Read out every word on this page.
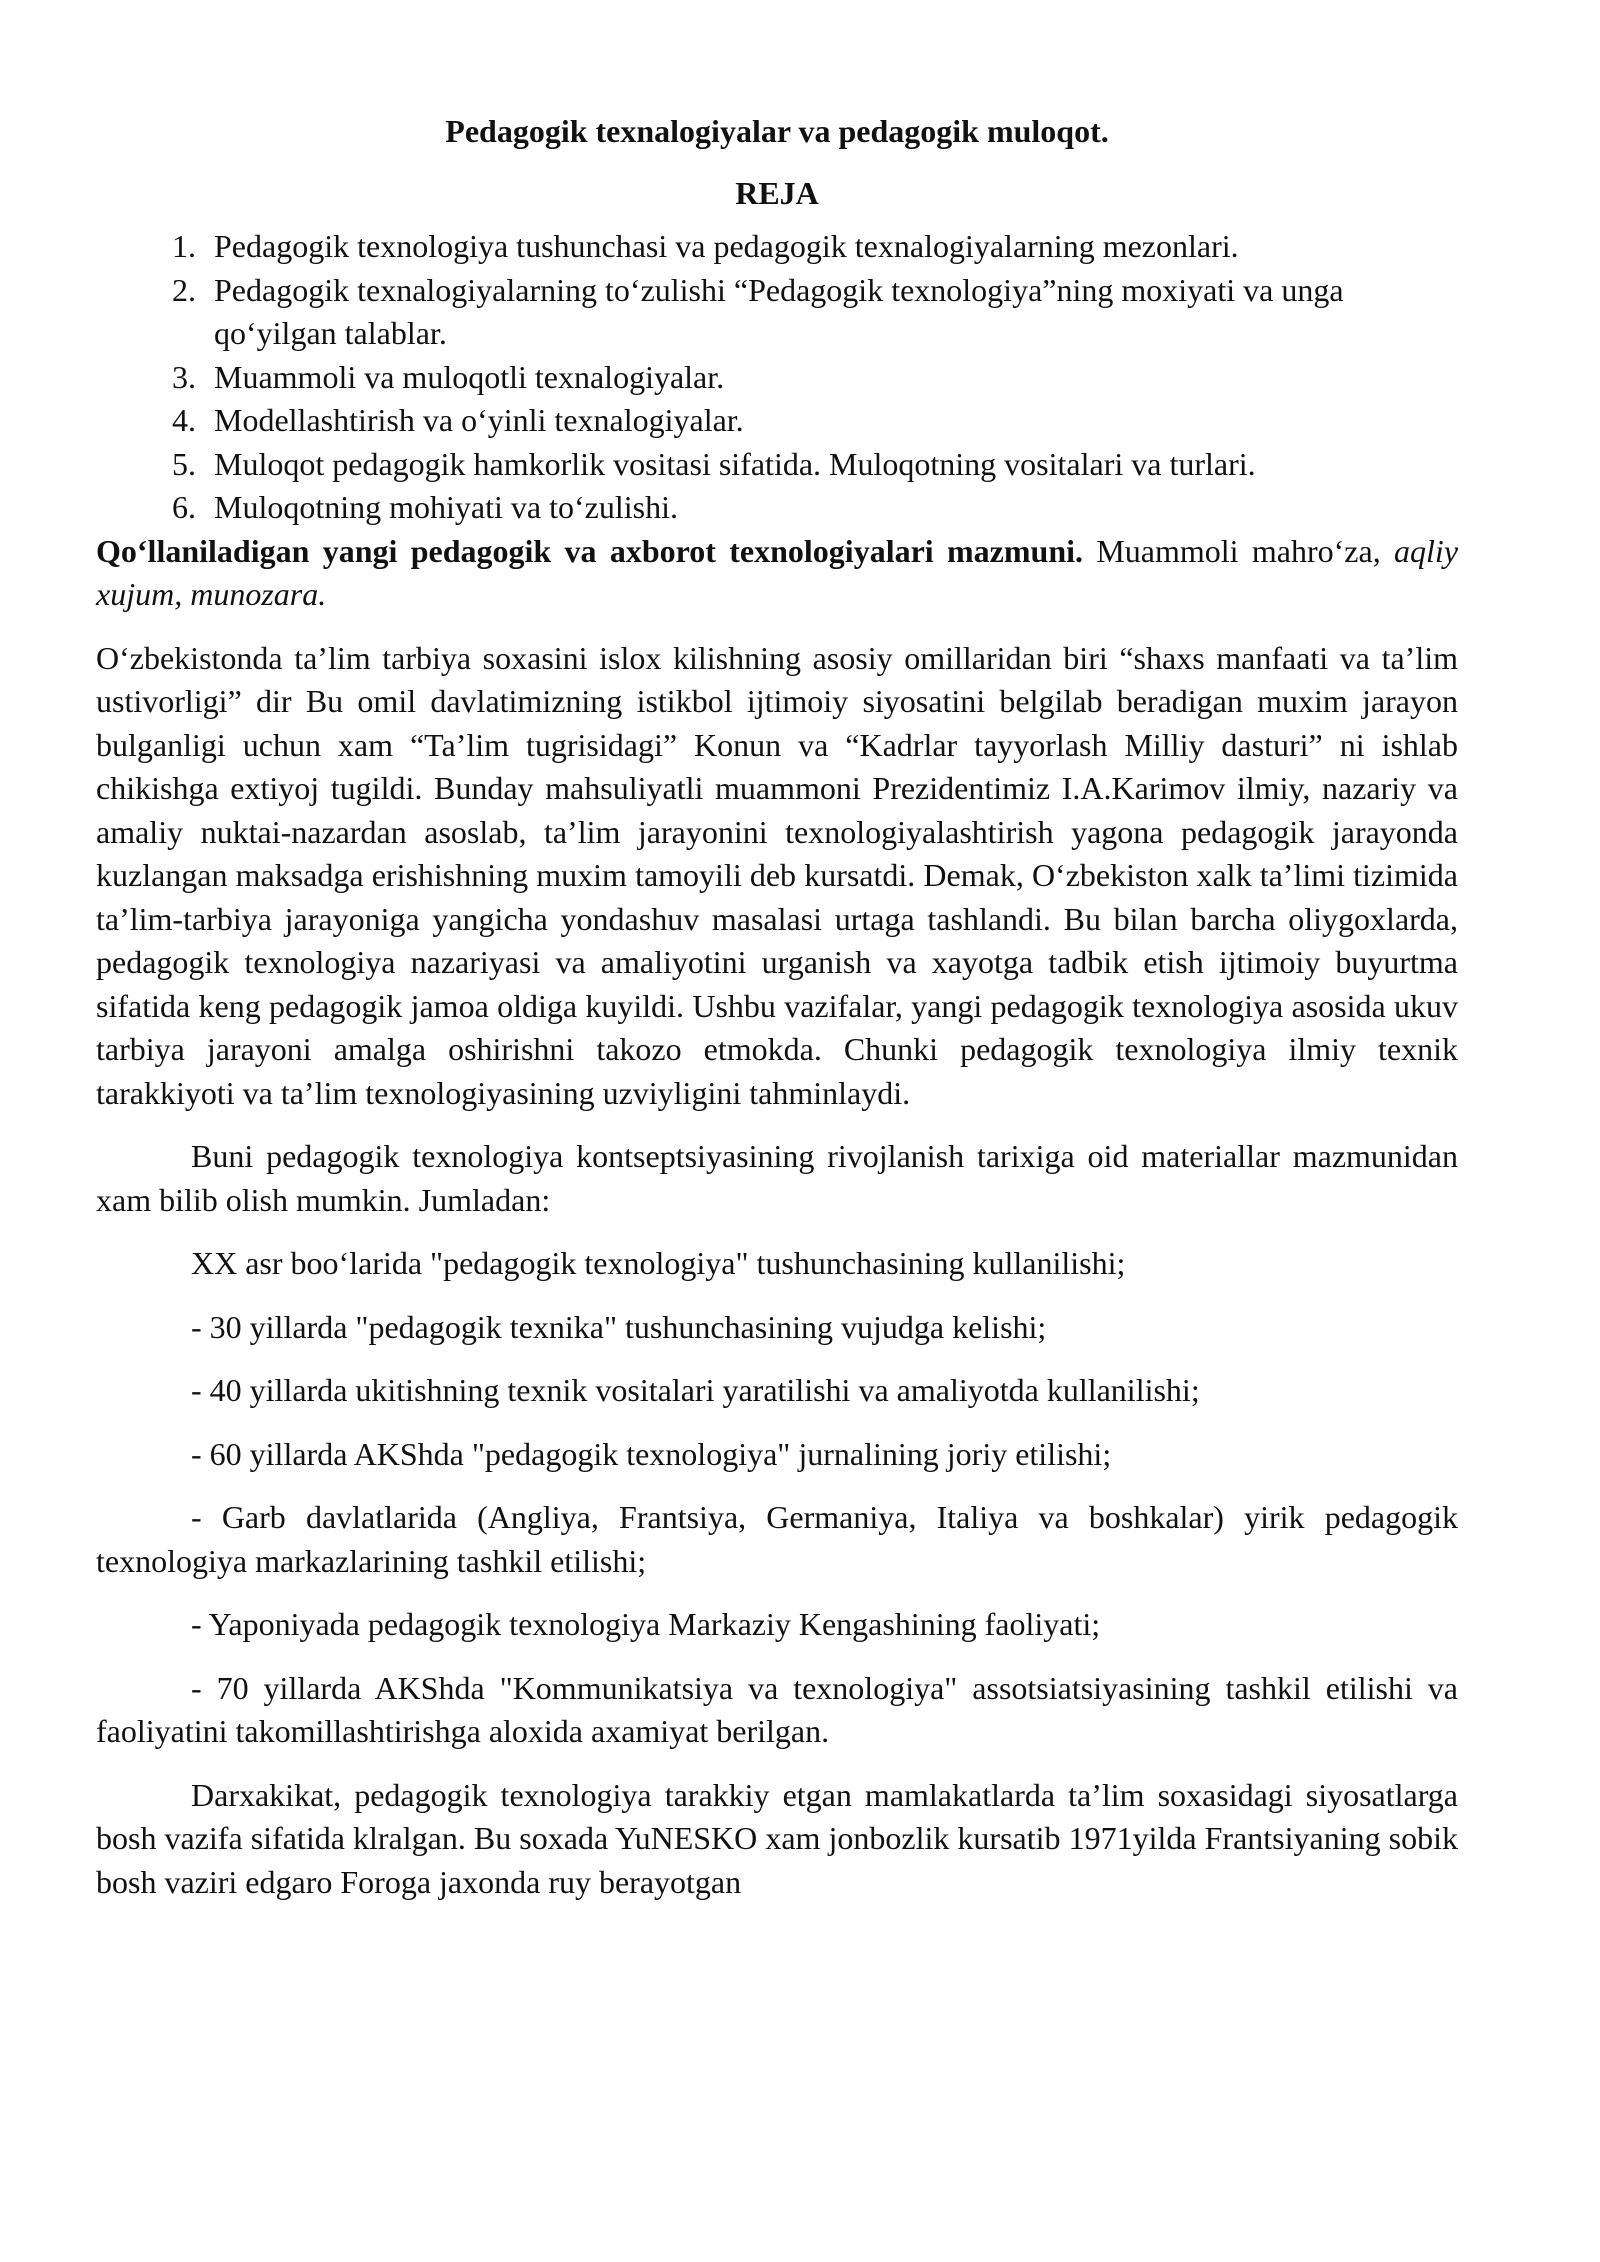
Pedagogik texnalogiyalar va pedagogik muloqot.

REJA

1. Pedagogik texnologiya tushunchasi va pedagogik texnalogiyalarning mezonlari.
2. Pedagogik texnalogiyalarning to‘zulishi “Pedagogik texnologiya”ning moxiyati va unga qo‘yilgan talablar.
3. Muammoli va muloqotli texnalogiyalar.
4. Modellashtirish va o‘yinli texnalogiyalar.
5. Muloqot pedagogik hamkorlik vositasi sifatida. Muloqotning vositalari va turlari.
6. Muloqotning mohiyati va to‘zulishi.

Qo‘llaniladigan yangi pedagogik va axborot texnologiyalari mazmuni. Muammoli mahro‘za, aqliy xujum, munozara.

O‘zbekistonda ta’lim tarbiya soxasini islox kilishning asosiy omillaridan biri “shaxs manfaati va ta’lim ustivorligi” dir Bu omil davlatimizning istikbol ijtimoiy siyosatini belgilab beradigan muxim jarayon bulganligi uchun xam “Ta’lim tugrisidagi” Konun va “Kadrlar tayyorlash Milliy dasturi” ni ishlab chikishga extiyoj tugildi. Bunday mahsuliyatli muammoni Prezidentimiz I.A.Karimov ilmiy, nazariy va amaliy nuktai-nazardan asoslab, ta’lim jarayonini texnologiyalashtirish yagona pedagogik jarayonda kuzlangan maksadga erishishning muxim tamoyili deb kursatdi. Demak, O‘zbekiston xalk ta’limi tizimida ta’lim-tarbiya jarayoniga yangicha yondashuv masalasi urtaga tashlandi. Bu bilan barcha oliygoxlarda, pedagogik texnologiya nazariyasi va amaliyotini urganish va xayotga tadbik etish ijtimoiy buyurtma sifatida keng pedagogik jamoa oldiga kuyildi. Ushbu vazifalar, yangi pedagogik texnologiya asosida ukuv tarbiya jarayoni amalga oshirishni takozo etmokda. Chunki pedagogik texnologiya ilmiy texnik tarakkiyoti va ta’lim texnologiyasining uzviyligini tahminlaydi.

Buni pedagogik texnologiya kontseptsiyasining rivojlanish tarixiga oid materiallar mazmunidan xam bilib olish mumkin. Jumladan:

XX asr boo‘larida "pedagogik texnologiya" tushunchasining kullanilishi;

- 30 yillarda "pedagogik texnika" tushunchasining vujudga kelishi;

- 40 yillarda ukitishning texnik vositalari yaratilishi va amaliyotda kullanilishi;

- 60 yillarda AKShda "pedagogik texnologiya" jurnalining joriy etilishi;

- Garb davlatlarida (Angliya, Frantsiya, Germaniya, Italiya va boshkalar) yirik pedagogik texnologiya markazlarining tashkil etilishi;

- Yaponiyada pedagogik texnologiya Markaziy Kengashining faoliyati;

- 70 yillarda AKShda "Kommunikatsiya va texnologiya" assotsiatsiyasining tashkil etilishi va faoliyatini takomillashtirishga aloxida axamiyat berilgan.

Darxakikat, pedagogik texnologiya tarakkiy etgan mamlakatlarda ta’lim soxasidagi siyosatlarga bosh vazifa sifatida klralgan. Bu soxada YuNESKO xam jonbozlik kursatib 1971yilda Frantsiyaning sobik bosh vaziri edgaro Foroga jaxonda ruy berayotgan
